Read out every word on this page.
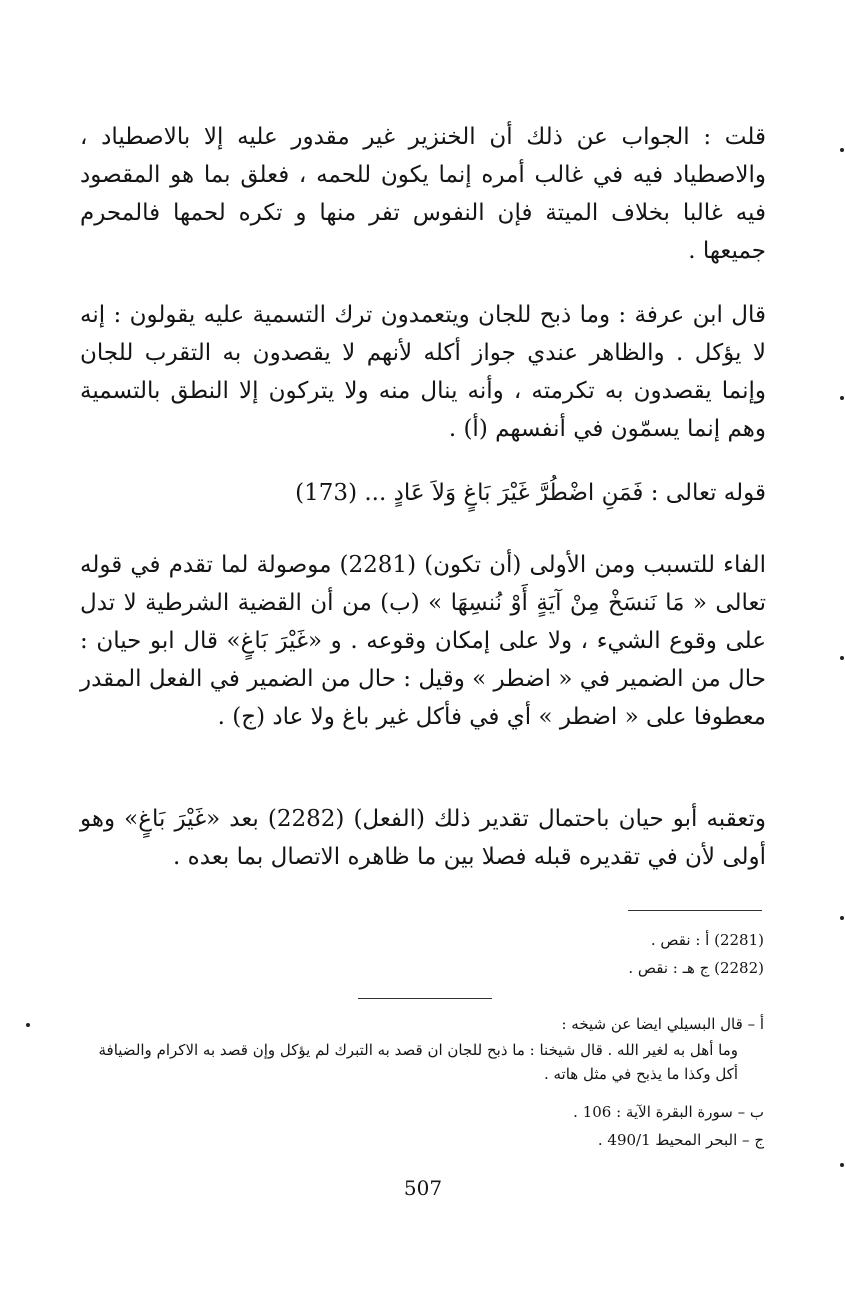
قلت : الجواب عن ذلك أن الخنزير غير مقدور عليه إلا بالاصطياد ، والاصطياد فيه في غالب أمره إنما يكون للحمه ، فعلق بما هو المقصود فيه غالبا بخلاف الميتة فإن النفوس تفر منها و تكره لحمها فالمحرم جميعها .

قال ابن عرفة : وما ذبح للجان ويتعمدون ترك التسمية عليه يقولون : إنه لا يؤكل . والظاهر عندي جواز أكله لأنهم لا يقصدون به التقرب للجان وإنما يقصدون به تكرمته ، وأنه ينال منه ولا يتركون إلا النطق بالتسمية وهم إنما يسمّون في أنفسهم (أ) .

قوله تعالى : فَمَنِ اضْطُرَّ غَيْرَ بَاغٍ وَلاَ عَادٍ ... (173)

الفاء للتسبب ومن الأولى (أن تكون) (2281) موصولة لما تقدم في قوله تعالى « مَا نَنسَخْ مِنْ آيَةٍ أَوْ نُنسِهَا » (ب) من أن القضية الشرطية لا تدل على وقوع الشيء ، ولا على إمكان وقوعه . و «غَيْرَ بَاغٍ» قال ابو حيان : حال من الضمير في « اضطر » وقيل : حال من الضمير في الفعل المقدر معطوفا على « اضطر » أي في فأكل غير باغ ولا عاد (ج) .

وتعقبه أبو حيان باحتمال تقدير ذلك (الفعل) (2282) بعد «غَيْرَ بَاغٍ» وهو أولى لأن في تقديره قبله فصلا بين ما ظاهره الاتصال بما بعده .

(2281) أ : نقص .

(2282) ج هـ : نقص .

أ – قال البسيلي ايضا عن شيخه :
وما أهل به لغير الله . قال شيخنا : ما ذبح للجان ان قصد به التبرك لم يؤكل وإن قصد به الاكرام والضيافة أكل وكذا ما يذبح في مثل هاته .
ب – سورة البقرة الآية : 106 .
ج – البحر المحيط 490/1 .
507
